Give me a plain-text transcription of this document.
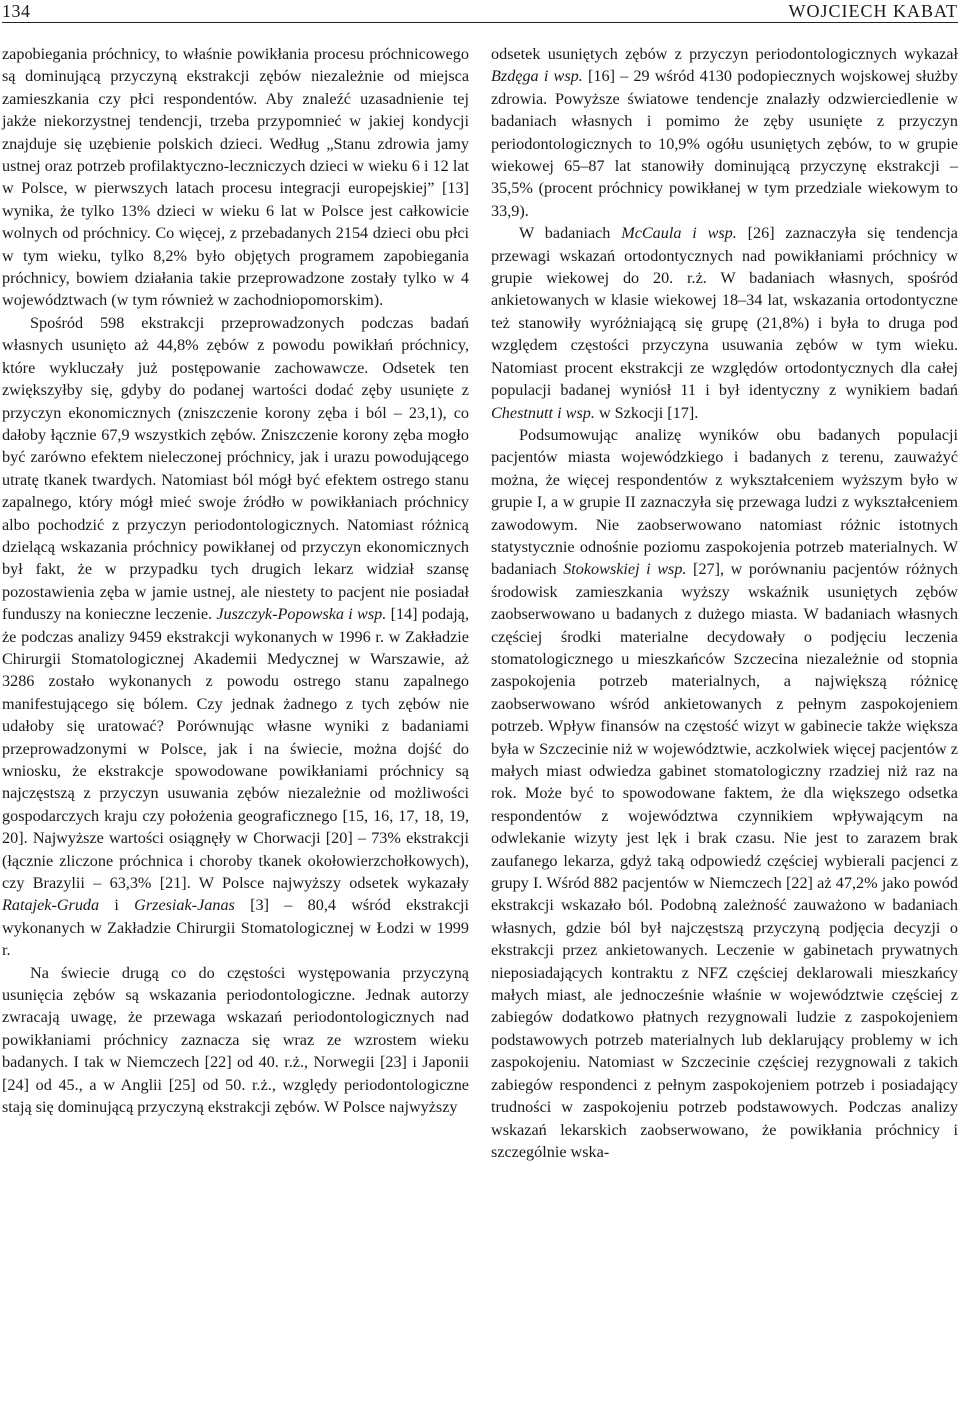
134	WOJCIECH KABAT

zapobiegania próchnicy, to właśnie powikłania procesu próchnicowego są dominującą przyczyną ekstrakcji zębów niezależnie od miejsca zamieszkania czy płci respondentów. Aby znaleźć uzasadnienie tej jakże niekorzystnej tendencji, trzeba przypomnieć w jakiej kondycji znajduje się uzębienie polskich dzieci. Według „Stanu zdrowia jamy ustnej oraz potrzeb profilaktyczno-leczniczych dzieci w wieku 6 i 12 lat w Polsce, w pierwszych latach procesu integracji europejskiej” [13] wynika, że tylko 13% dzieci w wieku 6 lat w Polsce jest całkowicie wolnych od próchnicy. Co więcej, z przebadanych 2154 dzieci obu płci w tym wieku, tylko 8,2% było objętych programem zapobiegania próchnicy, bowiem działania takie przeprowadzone zostały tylko w 4 województwach (w tym również w zachodniopomorskim).

Spośród 598 ekstrakcji przeprowadzonych podczas badań własnych usunięto aż 44,8% zębów z powodu powikłań próchnicy, które wykluczały już postępowanie zachowawcze. Odsetek ten zwiększyłby się, gdyby do podanej wartości dodać zęby usunięte z przyczyn ekonomicznych (zniszczenie korony zęba i ból – 23,1), co dałoby łącznie 67,9 wszystkich zębów. Zniszczenie korony zęba mogło być zarówno efektem nieleczonej próchnicy, jak i urazu powodującego utratę tkanek twardych. Natomiast ból mógł być efektem ostrego stanu zapalnego, który mógł mieć swoje źródło w powikłaniach próchnicy albo pochodzić z przyczyn periodontologicznych. Natomiast różnicą dzielącą wskazania próchnicy powikłanej od przyczyn ekonomicznych był fakt, że w przypadku tych drugich lekarz widział szansę pozostawienia zęba w jamie ustnej, ale niestety to pacjent nie posiadał funduszy na konieczne leczenie. Juszczyk-Popowska i wsp. [14] podają, że podczas analizy 9459 ekstrakcji wykonanych w 1996 r. w Zakładzie Chirurgii Stomatologicznej Akademii Medycznej w Warszawie, aż 3286 zostało wykonanych z powodu ostrego stanu zapalnego manifestującego się bólem. Czy jednak żadnego z tych zębów nie udałoby się uratować? Porównując własne wyniki z badaniami przeprowadzonymi w Polsce, jak i na świecie, można dojść do wniosku, że ekstrakcje spowodowane powikłaniami próchnicy są najczęstszą z przyczyn usuwania zębów niezależnie od możliwości gospodarczych kraju czy położenia geograficznego [15, 16, 17, 18, 19, 20]. Najwyższe wartości osiągnęły w Chorwacji [20] – 73% ekstrakcji (łącznie zliczone próchnica i choroby tkanek okołowierzchołkowych), czy Brazylii – 63,3% [21]. W Polsce najwyższy odsetek wykazały Ratajek-Gruda i Grzesiak-Janas [3] – 80,4 wśród ekstrakcji wykonanych w Zakładzie Chirurgii Stomatologicznej w Łodzi w 1999 r.

Na świecie drugą co do częstości występowania przyczyną usunięcia zębów są wskazania periodontologiczne. Jednak autorzy zwracają uwagę, że przewaga wskazań periodontologicznych nad powikłaniami próchnicy zaznacza się wraz ze wzrostem wieku badanych. I tak w Niemczech [22] od 40. r.ż., Norwegii [23] i Japonii [24] od 45., a w Anglii [25] od 50. r.ż., względy periodontologiczne stają się dominującą przyczyną ekstrakcji zębów. W Polsce najwyższy

odsetek usuniętych zębów z przyczyn periodontologicznych wykazał Bzdęga i wsp. [16] – 29 wśród 4130 podopiecznych wojskowej służby zdrowia. Powyższe światowe tendencje znalazły odzwierciedlenie w badaniach własnych i pomimo że zęby usunięte z przyczyn periodontologicznych to 10,9% ogółu usuniętych zębów, to w grupie wiekowej 65–87 lat stanowiły dominującą przyczynę ekstrakcji – 35,5% (procent próchnicy powikłanej w tym przedziale wiekowym to 33,9).

W badaniach McCaula i wsp. [26] zaznaczyła się tendencja przewagi wskazań ortodontycznych nad powikłaniami próchnicy w grupie wiekowej do 20. r.ż. W badaniach własnych, spośród ankietowanych w klasie wiekowej 18–34 lat, wskazania ortodontyczne też stanowiły wyróżniającą się grupę (21,8%) i była to druga pod względem częstości przyczyna usuwania zębów w tym wieku. Natomiast procent ekstrakcji ze względów ortodontycznych dla całej populacji badanej wyniósł 11 i był identyczny z wynikiem badań Chestnutt i wsp. w Szkocji [17].

Podsumowując analizę wyników obu badanych populacji pacjentów miasta wojewódzkiego i badanych z terenu, zauważyć można, że więcej respondentów z wykształceniem wyższym było w grupie I, a w grupie II zaznaczyła się przewaga ludzi z wykształceniem zawodowym. Nie zaobserwowano natomiast różnic istotnych statystycznie odnośnie poziomu zaspokojenia potrzeb materialnych. W badaniach Stokowskiej i wsp. [27], w porównaniu pacjentów różnych środowisk zamieszkania wyższy wskaźnik usuniętych zębów zaobserwowano u badanych z dużego miasta. W badaniach własnych częściej środki materialne decydowały o podjęciu leczenia stomatologicznego u mieszkańców Szczecina niezależnie od stopnia zaspokojenia potrzeb materialnych, a największą różnicę zaobserwowano wśród ankietowanych z pełnym zaspokojeniem potrzeb. Wpływ finansów na częstość wizyt w gabinecie także większa była w Szczecinie niż w województwie, aczkolwiek więcej pacjentów z małych miast odwiedza gabinet stomatologiczny rzadziej niż raz na rok. Może być to spowodowane faktem, że dla większego odsetka respondentów z województwa czynnikiem wpływającym na odwlekanie wizyty jest lęk i brak czasu. Nie jest to zarazem brak zaufanego lekarza, gdyż taką odpowiedź częściej wybierali pacjenci z grupy I. Wśród 882 pacjentów w Niemczech [22] aż 47,2% jako powód ekstrakcji wskazało ból. Podobną zależność zauważono w badaniach własnych, gdzie ból był najczęstszą przyczyną podjęcia decyzji o ekstrakcji przez ankietowanych. Leczenie w gabinetach prywatnych nieposiadających kontraktu z NFZ częściej deklarowali mieszkańcy małych miast, ale jednocześnie właśnie w województwie częściej z zabiegów dodatkowo płatnych rezygnowali ludzie z zaspokojeniem podstawowych potrzeb materialnych lub deklarujący problemy w ich zaspokojeniu. Natomiast w Szczecinie częściej rezygnowali z takich zabiegów respondenci z pełnym zaspokojeniem potrzeb i posiadający trudności w zaspokojeniu potrzeb podstawowych. Podczas analizy wskazań lekarskich zaobserwowano, że powikłania próchnicy i szczególnie wska-
